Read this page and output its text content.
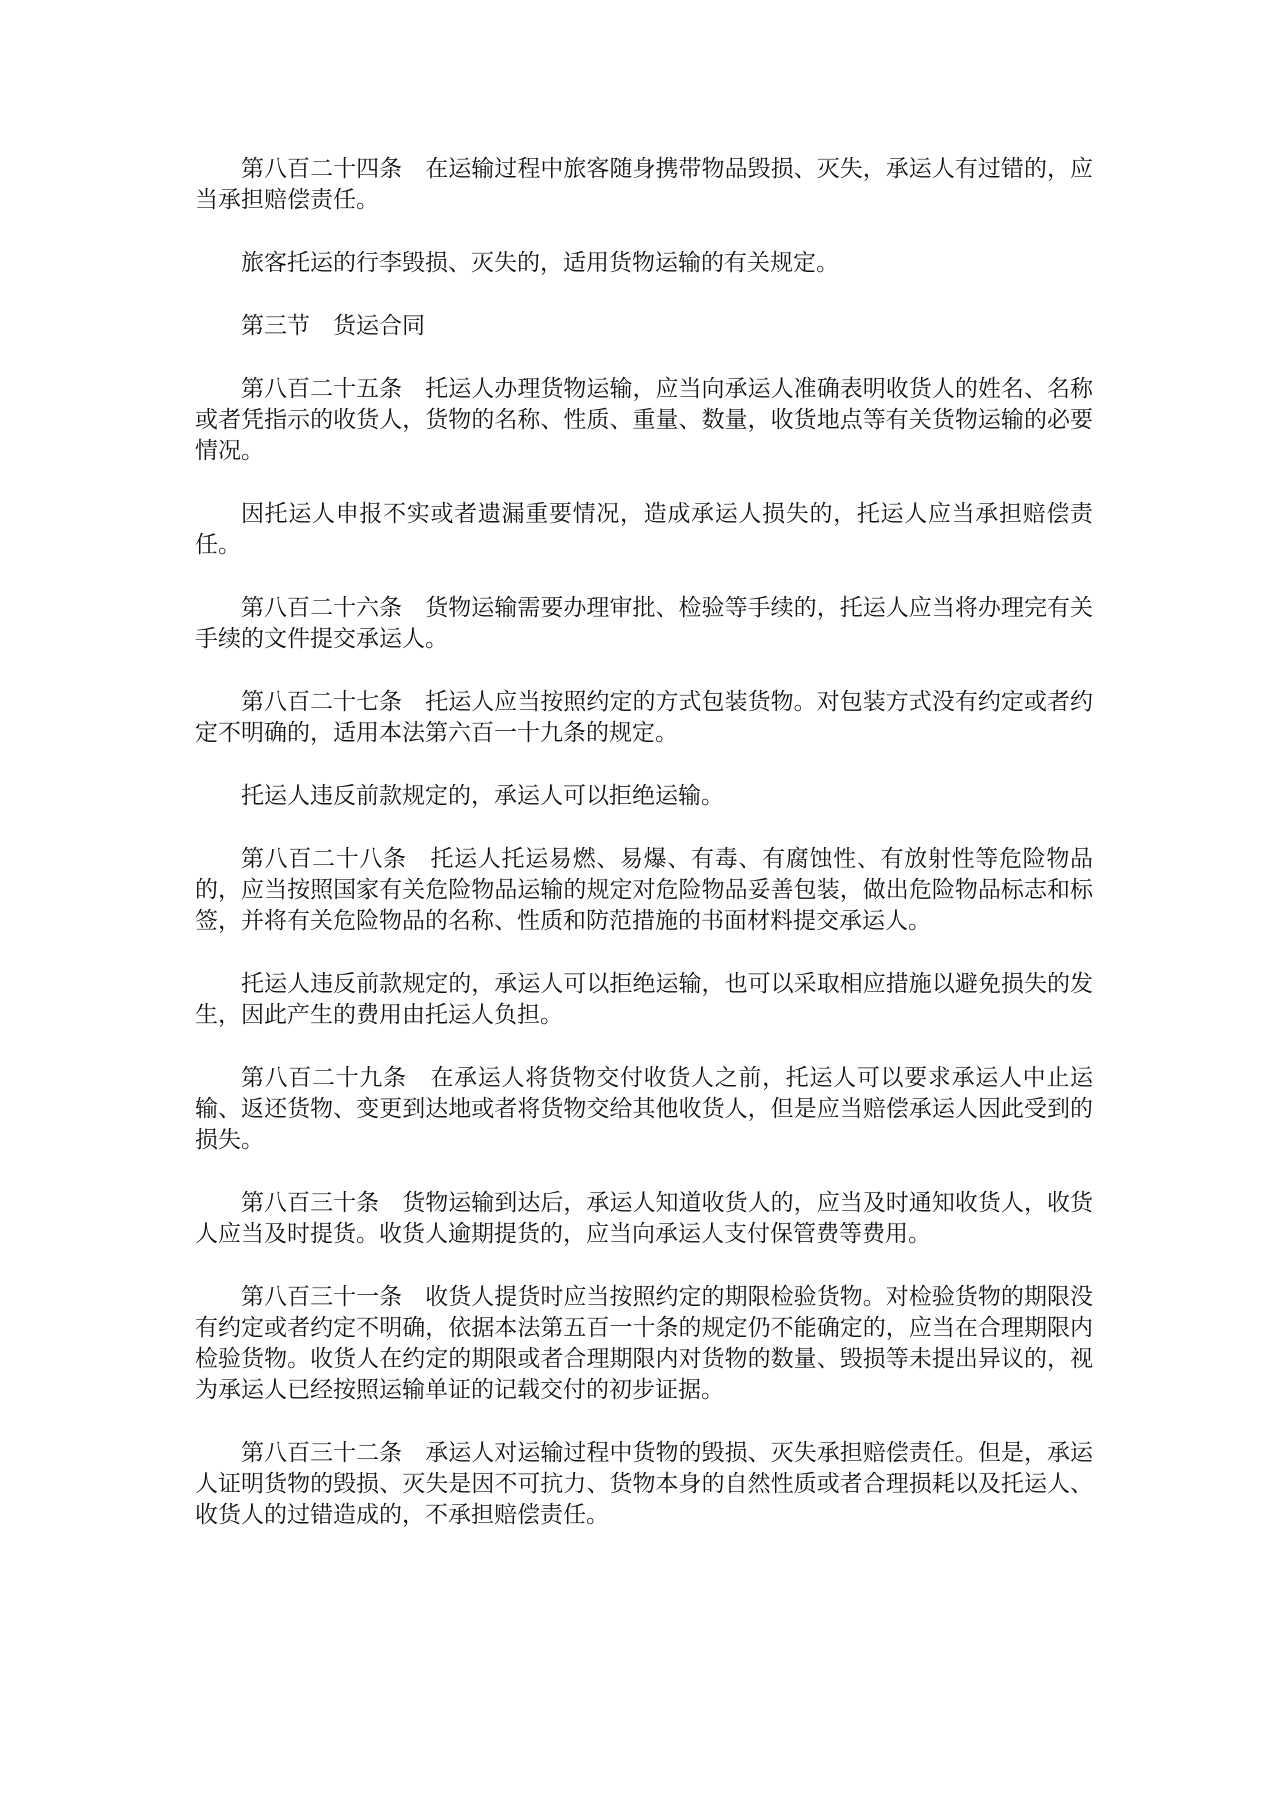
第八百二十四条　在运输过程中旅客随身携带物品毁损、灭失，承运人有过错的，应当承担赔偿责任。

旅客托运的行李毁损、灭失的，适用货物运输的有关规定。

第三节　货运合同

第八百二十五条　托运人办理货物运输，应当向承运人准确表明收货人的姓名、名称或者凭指示的收货人，货物的名称、性质、重量、数量，收货地点等有关货物运输的必要情况。

因托运人申报不实或者遗漏重要情况，造成承运人损失的，托运人应当承担赔偿责任。

第八百二十六条　货物运输需要办理审批、检验等手续的，托运人应当将办理完有关手续的文件提交承运人。

第八百二十七条　托运人应当按照约定的方式包装货物。对包装方式没有约定或者约定不明确的，适用本法第六百一十九条的规定。

托运人违反前款规定的，承运人可以拒绝运输。

第八百二十八条　托运人托运易燃、易爆、有毒、有腐蚀性、有放射性等危险物品的，应当按照国家有关危险物品运输的规定对危险物品妥善包装，做出危险物品标志和标签，并将有关危险物品的名称、性质和防范措施的书面材料提交承运人。

托运人违反前款规定的，承运人可以拒绝运输，也可以采取相应措施以避免损失的发生，因此产生的费用由托运人负担。

第八百二十九条　在承运人将货物交付收货人之前，托运人可以要求承运人中止运输、返还货物、变更到达地或者将货物交给其他收货人，但是应当赔偿承运人因此受到的损失。

第八百三十条　货物运输到达后，承运人知道收货人的，应当及时通知收货人，收货人应当及时提货。收货人逾期提货的，应当向承运人支付保管费等费用。

第八百三十一条　收货人提货时应当按照约定的期限检验货物。对检验货物的期限没有约定或者约定不明确，依据本法第五百一十条的规定仍不能确定的，应当在合理期限内检验货物。收货人在约定的期限或者合理期限内对货物的数量、毁损等未提出异议的，视为承运人已经按照运输单证的记载交付的初步证据。

第八百三十二条　承运人对运输过程中货物的毁损、灭失承担赔偿责任。但是，承运人证明货物的毁损、灭失是因不可抗力、货物本身的自然性质或者合理损耗以及托运人、收货人的过错造成的，不承担赔偿责任。
